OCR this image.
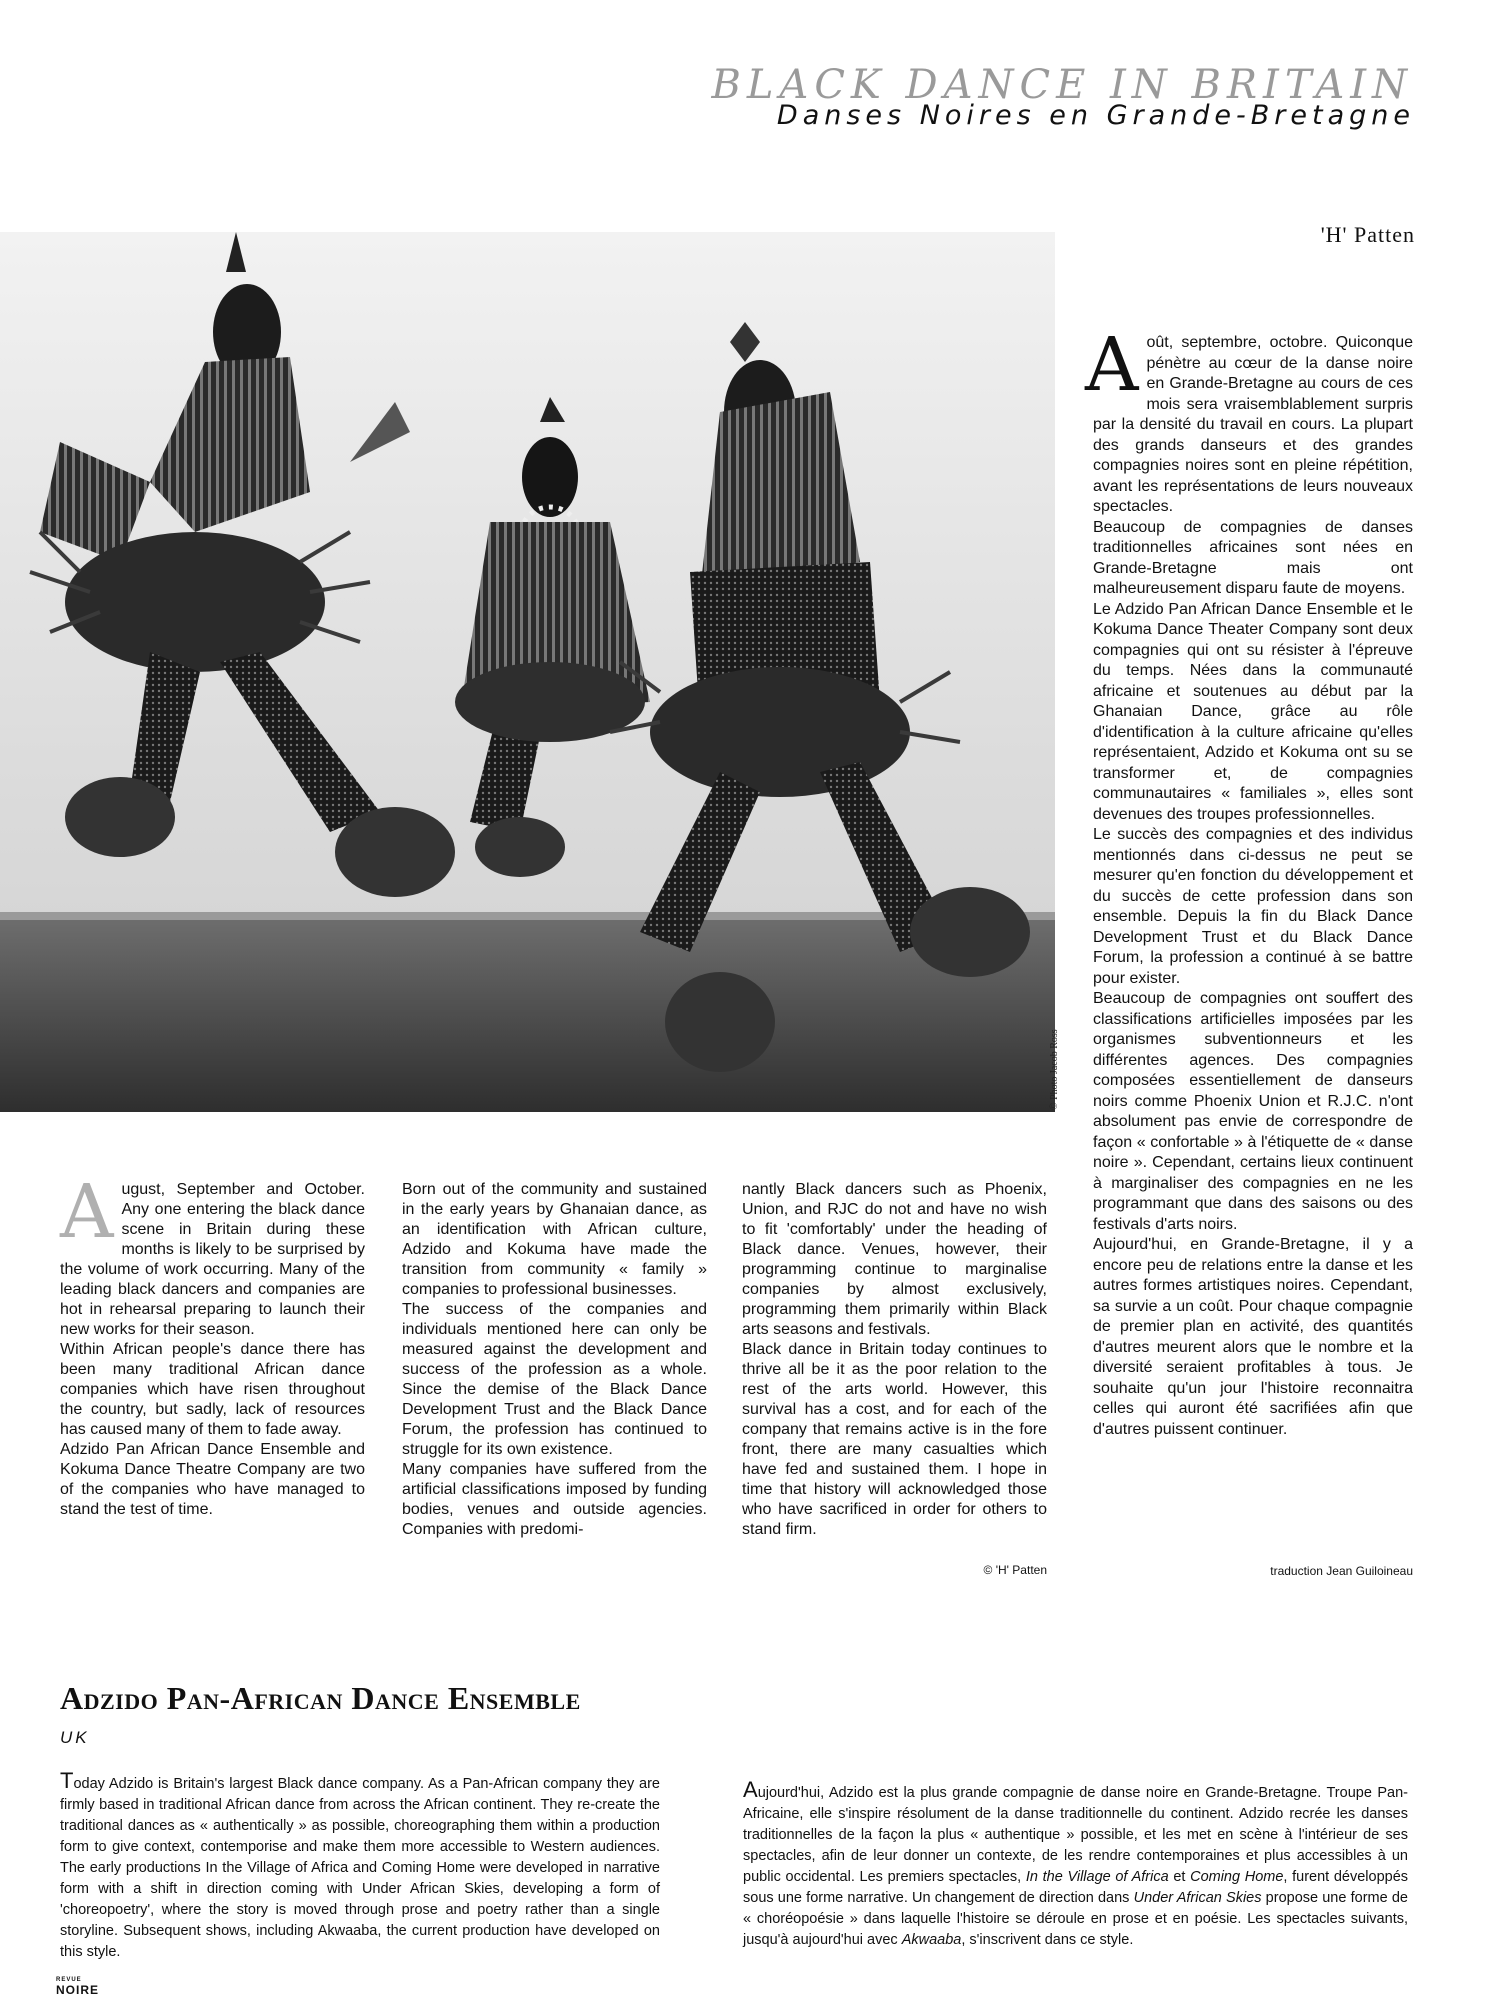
BLACK DANCE IN BRITAIN
Danses Noires en Grande-Bretagne
'H' Patten
© Photo Jacob Ross

Août, septembre, octobre. Quiconque pénètre au cœur de la danse noire en Grande-Bretagne au cours de ces mois sera vraisemblablement surpris par la densité du travail en cours. La plupart des grands danseurs et des grandes compagnies noires sont en pleine répétition, avant les représentations de leurs nouveaux spectacles.

Beaucoup de compagnies de danses traditionnelles africaines sont nées en Grande-Bretagne mais ont malheureusement disparu faute de moyens.

Le Adzido Pan African Dance Ensemble et le Kokuma Dance Theater Company sont deux compagnies qui ont su résister à l'épreuve du temps. Nées dans la communauté africaine et soutenues au début par la Ghanaian Dance, grâce au rôle d'identification à la culture africaine qu'elles représentaient, Adzido et Kokuma ont su se transformer et, de compagnies communautaires « familiales », elles sont devenues des troupes professionnelles.

Le succès des compagnies et des individus mentionnés dans ci-dessus ne peut se mesurer qu'en fonction du développement et du succès de cette profession dans son ensemble. Depuis la fin du Black Dance Development Trust et du Black Dance Forum, la profession a continué à se battre pour exister.

Beaucoup de compagnies ont souffert des classifications artificielles imposées par les organismes subventionneurs et les différentes agences. Des compagnies composées essentiellement de danseurs noirs comme Phoenix Union et R.J.C. n'ont absolument pas envie de correspondre de façon « confortable » à l'étiquette de « danse noire ». Cependant, certains lieux continuent à marginaliser des compagnies en ne les programmant que dans des saisons ou des festivals d'arts noirs.

Aujourd'hui, en Grande-Bretagne, il y a encore peu de relations entre la danse et les autres formes artistiques noires. Cependant, sa survie a un coût. Pour chaque compagnie de premier plan en activité, des quantités d'autres meurent alors que le nombre et la diversité seraient profitables à tous. Je souhaite qu'un jour l'histoire reconnaitra celles qui auront été sacrifiées afin que d'autres puissent continuer.

traduction Jean Guiloineau

August, September and October. Any one entering the black dance scene in Britain during these months is likely to be surprised by the volume of work occurring. Many of the leading black dancers and companies are hot in rehearsal preparing to launch their new works for their season.

Within African people's dance there has been many traditional African dance companies which have risen throughout the country, but sadly, lack of resources has caused many of them to fade away.

Adzido Pan African Dance Ensemble and Kokuma Dance Theatre Company are two of the companies who have managed to stand the test of time.

Born out of the community and sustained in the early years by Ghanaian dance, as an identification with African culture, Adzido and Kokuma have made the transition from community « family » companies to professional businesses.

The success of the companies and individuals mentioned here can only be measured against the development and success of the profession as a whole. Since the demise of the Black Dance Development Trust and the Black Dance Forum, the profession has continued to struggle for its own existence.

Many companies have suffered from the artificial classifications imposed by funding bodies, venues and outside agencies. Companies with predomi-

nantly Black dancers such as Phoenix, Union, and RJC do not and have no wish to fit 'comfortably' under the heading of Black dance. Venues, however, their programming continue to marginalise companies by almost exclusively, programming them primarily within Black arts seasons and festivals.

Black dance in Britain today continues to thrive all be it as the poor relation to the rest of the arts world. However, this survival has a cost, and for each of the company that remains active is in the fore front, there are many casualties which have fed and sustained them. I hope in time that history will acknowledged those who have sacrificed in order for others to stand firm.

© 'H' Patten
Adzido Pan-African Dance Ensemble
UK
Today Adzido is Britain's largest Black dance company. As a Pan-African company they are firmly based in traditional African dance from across the African continent. They re-create the traditional dances as « authentically » as possible, choreographing them within a production form to give context, contemporise and make them more accessible to Western audiences. The early productions In the Village of Africa and Coming Home were developed in narrative form with a shift in direction coming with Under African Skies, developing a form of 'choreopoetry', where the story is moved through prose and poetry rather than a single storyline. Subsequent shows, including Akwaaba, the current production have developed on this style.
Aujourd'hui, Adzido est la plus grande compagnie de danse noire en Grande-Bretagne. Troupe Pan-Africaine, elle s'inspire résolument de la danse traditionnelle du continent. Adzido recrée les danses traditionnelles de la façon la plus « authentique » possible, et les met en scène à l'intérieur de ses spectacles, afin de leur donner un contexte, de les rendre contemporaines et plus accessibles à un public occidental. Les premiers spectacles, In the Village of Africa et Coming Home, furent développés sous une forme narrative. Un changement de direction dans Under African Skies propose une forme de « choréopoésie » dans laquelle l'histoire se déroule en prose et en poésie. Les spectacles suivants, jusqu'à aujourd'hui avec Akwaaba, s'inscrivent dans ce style.
REVUE
NOIRE
